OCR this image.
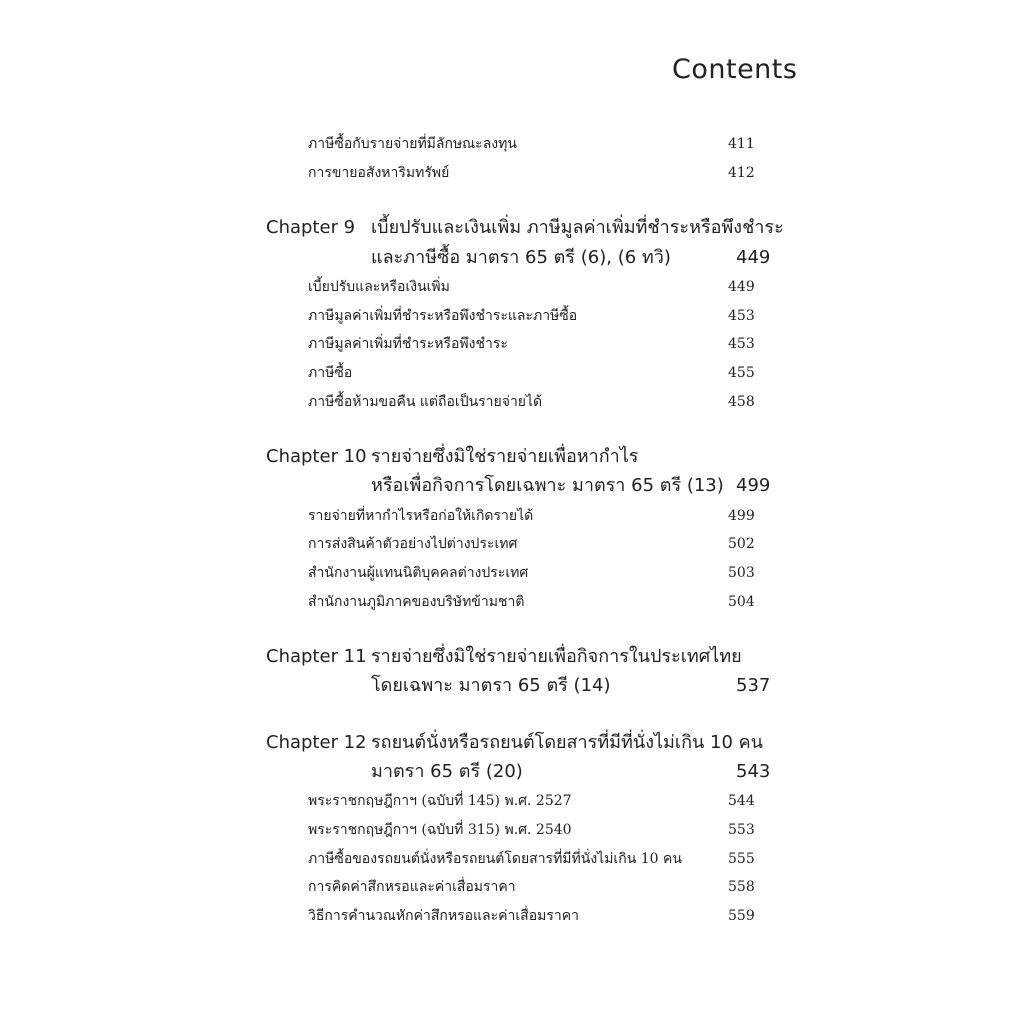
Contents
ภาษีซื้อกับรายจ่ายที่มีลักษณะลงทุน	411
การขายอสังหาริมทรัพย์	412
Chapter 9 เบี้ยปรับและเงินเพิ่ม ภาษีมูลค่าเพิ่มที่ชำระหรือพึงชำระ
และภาษีซื้อ มาตรา 65 ตรี (6), (6 ทวิ)	449
เบี้ยปรับและหรือเงินเพิ่ม	449
ภาษีมูลค่าเพิ่มที่ชำระหรือพึงชำระและภาษีซื้อ	453
ภาษีมูลค่าเพิ่มที่ชำระหรือพึงชำระ	453
ภาษีซื้อ	455
ภาษีซื้อห้ามขอคืน แต่ถือเป็นรายจ่ายได้	458
Chapter 10 รายจ่ายซึ่งมิใช่รายจ่ายเพื่อหากำไร
หรือเพื่อกิจการโดยเฉพาะ มาตรา 65 ตรี (13) 499
รายจ่ายที่หากำไรหรือก่อให้เกิดรายได้	499
การส่งสินค้าตัวอย่างไปต่างประเทศ	502
สำนักงานผู้แทนนิติบุคคลต่างประเทศ	503
สำนักงานภูมิภาคของบริษัทข้ามชาติ	504
Chapter 11 รายจ่ายซึ่งมิใช่รายจ่ายเพื่อกิจการในประเทศไทย
โดยเฉพาะ มาตรา 65 ตรี (14)	537
Chapter 12 รถยนต์นั่งหรือรถยนต์โดยสารที่มีที่นั่งไม่เกิน 10 คน
มาตรา 65 ตรี (20)	543
พระราชกฤษฎีกาฯ (ฉบับที่ 145) พ.ศ. 2527	544
พระราชกฤษฎีกาฯ (ฉบับที่ 315) พ.ศ. 2540	553
ภาษีซื้อของรถยนต์นั่งหรือรถยนต์โดยสารที่มีที่นั่งไม่เกิน 10 คน	555
การคิดค่าสึกหรอและค่าเสื่อมราคา	558
วิธีการคำนวณหักค่าสึกหรอและค่าเสื่อมราคา	559
